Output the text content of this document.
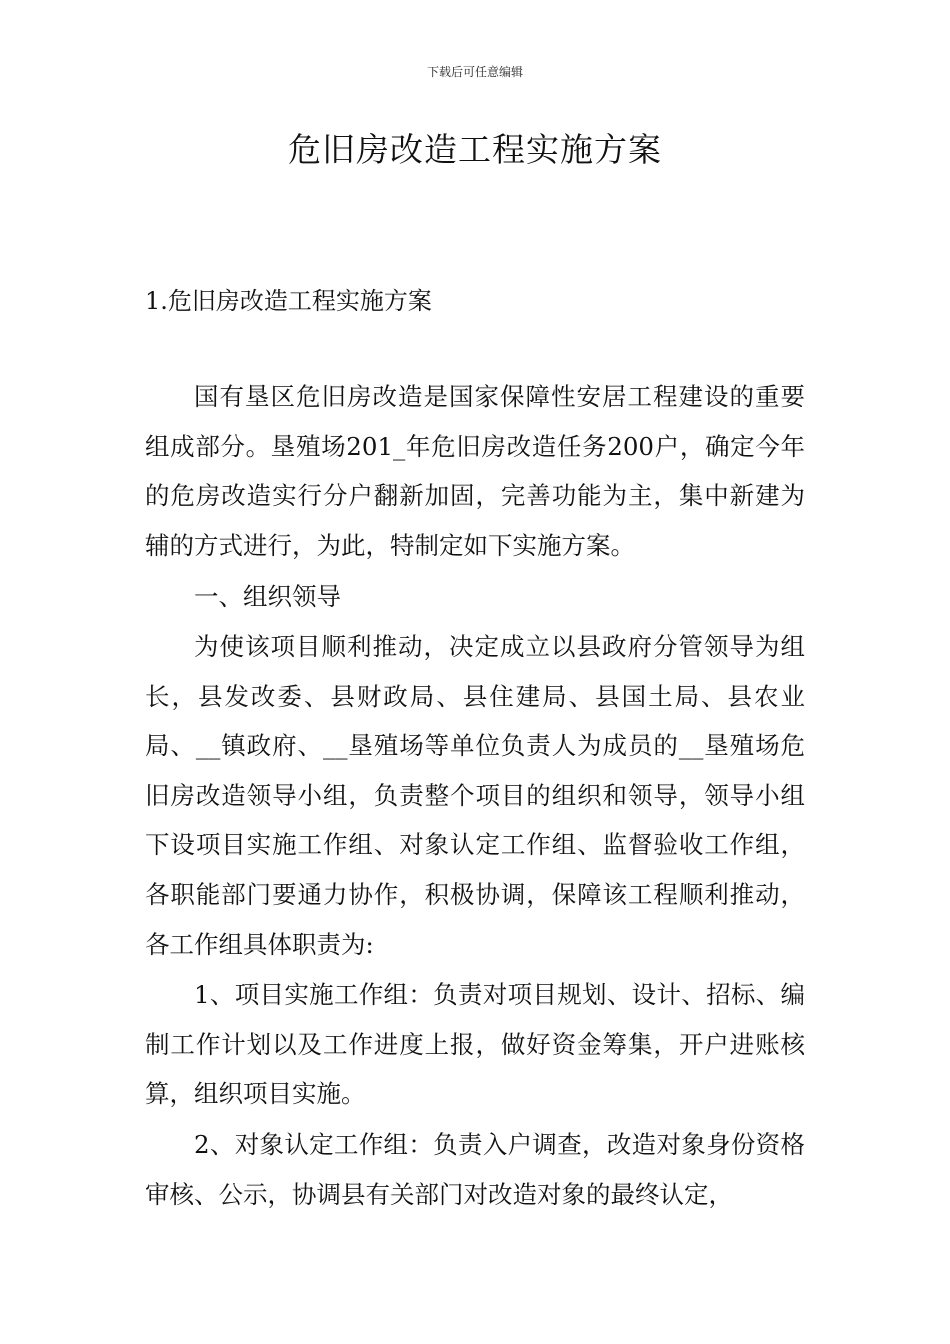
下载后可任意编辑
危旧房改造工程实施方案
1.危旧房改造工程实施方案

国有垦区危旧房改造是国家保障性安居工程建设的重要组成部分。垦殖场201_年危旧房改造任务200户，确定今年的危房改造实行分户翻新加固，完善功能为主，集中新建为辅的方式进行，为此，特制定如下实施方案。

一、组织领导

为使该项目顺利推动，决定成立以县政府分管领导为组长，县发改委、县财政局、县住建局、县国土局、县农业局、__镇政府、__垦殖场等单位负责人为成员的__垦殖场危旧房改造领导小组，负责整个项目的组织和领导，领导小组下设项目实施工作组、对象认定工作组、监督验收工作组，各职能部门要通力协作，积极协调，保障该工程顺利推动，各工作组具体职责为:

1、项目实施工作组：负责对项目规划、设计、招标、编制工作计划以及工作进度上报，做好资金筹集，开户进账核算，组织项目实施。

2、对象认定工作组：负责入户调查，改造对象身份资格审核、公示，协调县有关部门对改造对象的最终认定，
